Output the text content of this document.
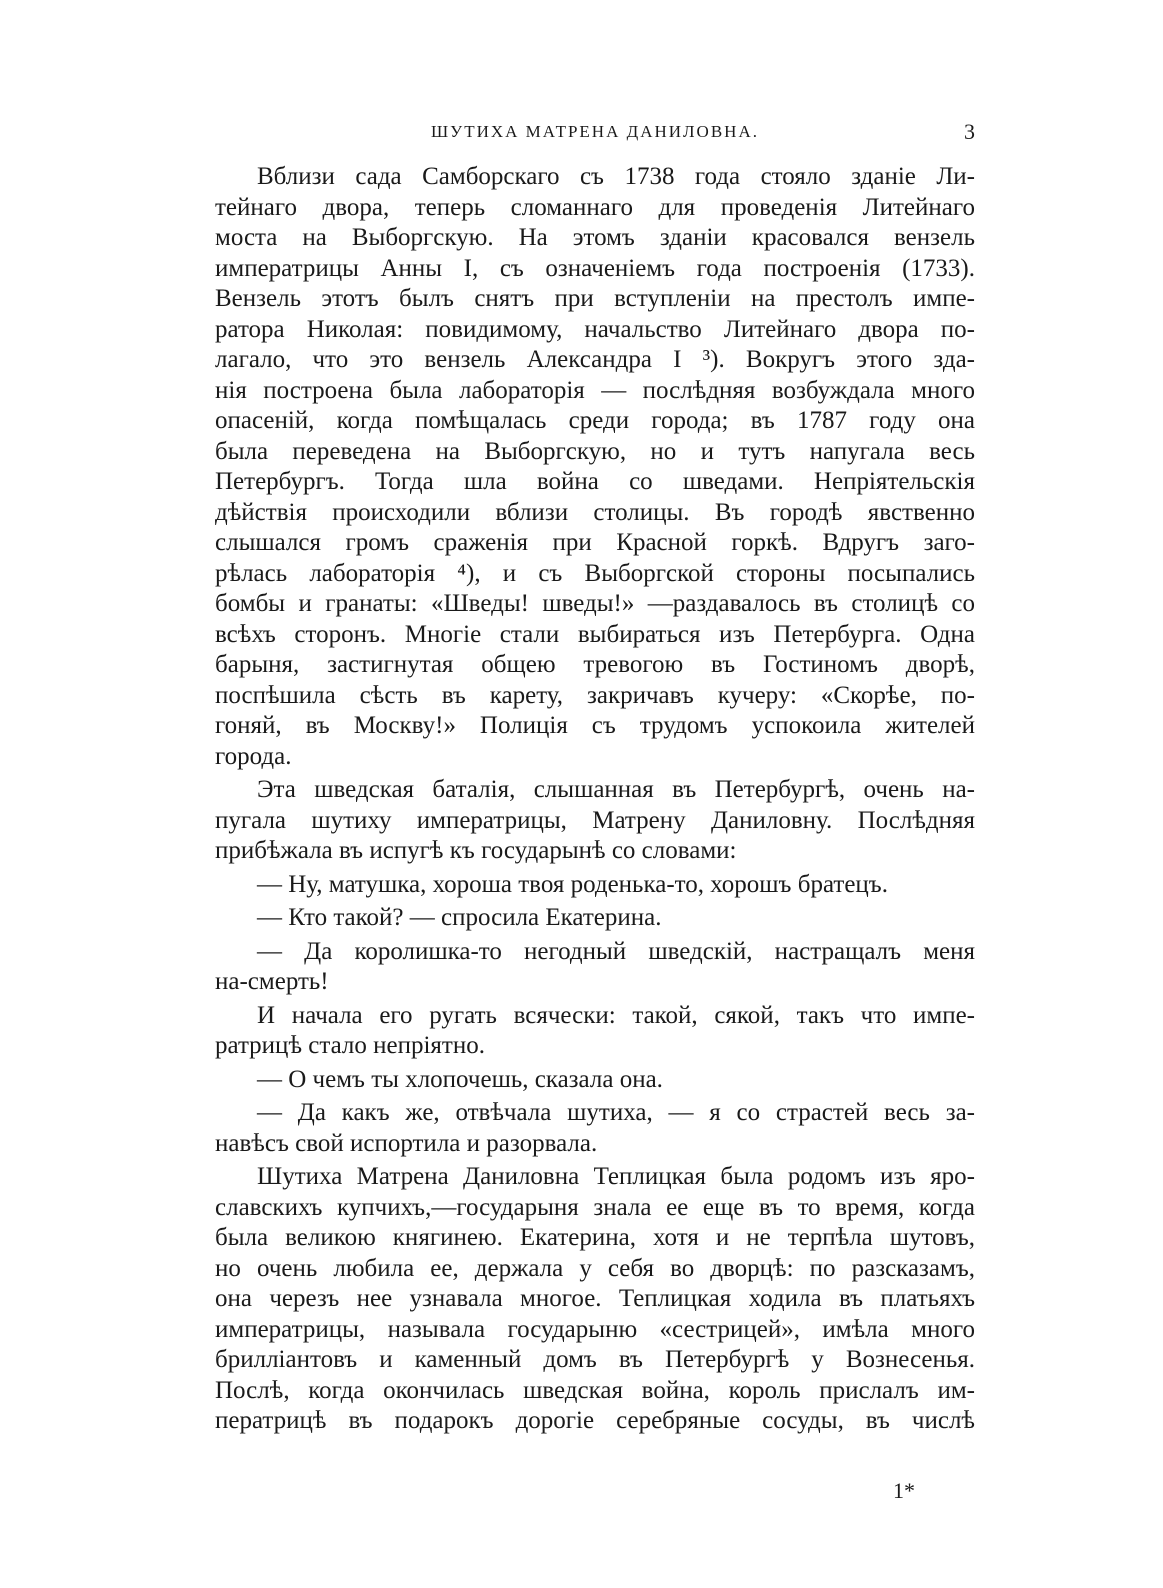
ШУТИХА МАТРЕНА ДАНИЛОВНА.	3
Вблизи сада Самборскаго съ 1738 года стояло зданіе Ли-
тейнаго двора, теперь сломаннаго для проведенія Литейнаго
моста на Выборгскую. На этомъ зданіи красовался вензель
императрицы Анны I, съ означеніемъ года построенія (1733).
Вензель этотъ былъ снятъ при вступленіи на престолъ импе-
ратора Николая: повидимому, начальство Литейнаго двора по-
лагало, что это вензель Александра I ³). Вокругъ этого зда-
нія построена была лабораторія — послѣдняя возбуждала много
опасеній, когда помѣщалась среди города; въ 1787 году она
была переведена на Выборгскую, но и тутъ напугала весь
Петербургъ. Тогда шла война со шведами. Непріятельскія
дѣйствія происходили вблизи столицы. Въ городѣ явственно
слышался громъ сраженія при Красной горкѣ. Вдругъ заго-
рѣлась лабораторія ⁴), и съ Выборгской стороны посыпались
бомбы и гранаты: «Шведы! шведы!» —раздавалось въ столицѣ со
всѣхъ сторонъ. Многіе стали выбираться изъ Петербурга. Одна
барыня, застигнутая общею тревогою въ Гостиномъ дворѣ,
поспѣшила сѣсть въ карету, закричавъ кучеру: «Скорѣе, по-
гоняй, въ Москву!» Полиція съ трудомъ успокоила жителей
города.
Эта шведская баталія, слышанная въ Петербургѣ, очень на-
пугала шутиху императрицы, Матрену Даниловну. Послѣдняя
прибѣжала въ испугѣ къ государынѣ со словами:
— Ну, матушка, хороша твоя роденька-то, хорошъ братецъ.
— Кто такой? — спросила Екатерина.
— Да королишка-то негодный шведскій, настращалъ меня
на-смерть!
И начала его ругать всячески: такой, сякой, такъ что импе-
ратрицѣ стало непріятно.
— О чемъ ты хлопочешь, сказала она.
— Да какъ же, отвѣчала шутиха, — я со страстей весь за-
навѣсъ свой испортила и разорвала.
Шутиха Матрена Даниловна Теплицкая была родомъ изъ яро-
славскихъ купчихъ,—государыня знала ее еще въ то время, когда
была великою княгинею. Екатерина, хотя и не терпѣла шутовъ,
но очень любила ее, держала у себя во дворцѣ: по разсказамъ,
она черезъ нее узнавала многое. Теплицкая ходила въ платьяхъ
императрицы, называла государыню «сестрицей», имѣла много
брилліантовъ и каменный домъ въ Петербургѣ у Вознесенья.
Послѣ, когда окончилась шведская война, король прислалъ им-
ператрицѣ въ подарокъ дорогіе серебряные сосуды, въ числѣ
1*
